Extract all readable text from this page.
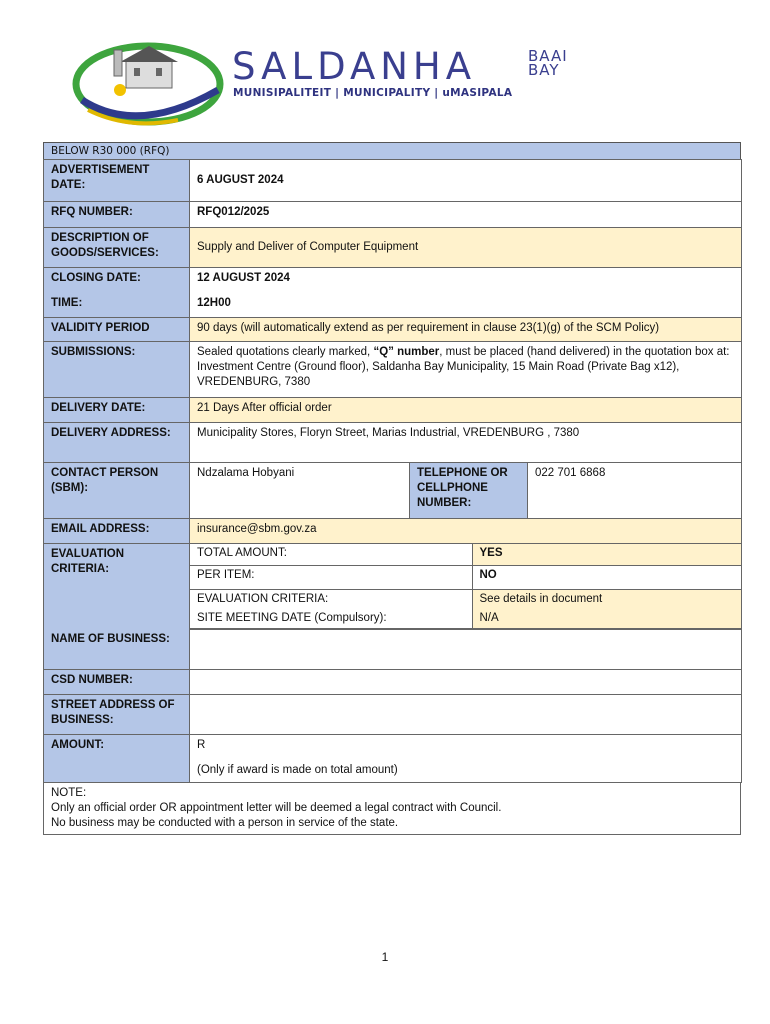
SALDANHA	BAAI
BAY
MUNISIPALITEIT | MUNICIPALITY | uMASIPALA
BELOW R30 000 (RFQ)
ADVERTISEMENT DATE:	6 AUGUST 2024
RFQ NUMBER:	RFQ012/2025
DESCRIPTION OF GOODS/SERVICES:	Supply and Deliver of Computer Equipment
CLOSING DATE:	12 AUGUST 2024
TIME:	12H00
VALIDITY PERIOD	90 days (will automatically extend as per requirement in clause 23(1)(g) of the SCM Policy)
SUBMISSIONS:	Sealed quotations clearly marked, “Q” number, must be placed (hand delivered) in the quotation box at: Investment Centre (Ground floor), Saldanha Bay Municipality, 15 Main Road (Private Bag x12),           VREDENBURG, 7380
DELIVERY DATE:	21 Days After official order
DELIVERY ADDRESS:	Municipality Stores, Floryn Street, Marias Industrial, VREDENBURG , 7380
CONTACT PERSON (SBM):	Ndzalama Hobyani	TELEPHONE OR CELLPHONE NUMBER:	022 701 6868
EMAIL ADDRESS:	insurance@sbm.gov.za
EVALUATION CRITERIA:	
TOTAL AMOUNT:	YES
PER ITEM:	NO
EVALUATION CRITERIA:	See details in document
SITE MEETING DATE (Compulsory):	N/A

NAME OF BUSINESS:	
CSD NUMBER:	
STREET ADDRESS OF BUSINESS:	
AMOUNT:	R
(Only if award is made on total amount)
NOTE:
Only an official order OR appointment letter will be deemed a legal contract with Council.
No business may be conducted with a person in service of the state.
1
